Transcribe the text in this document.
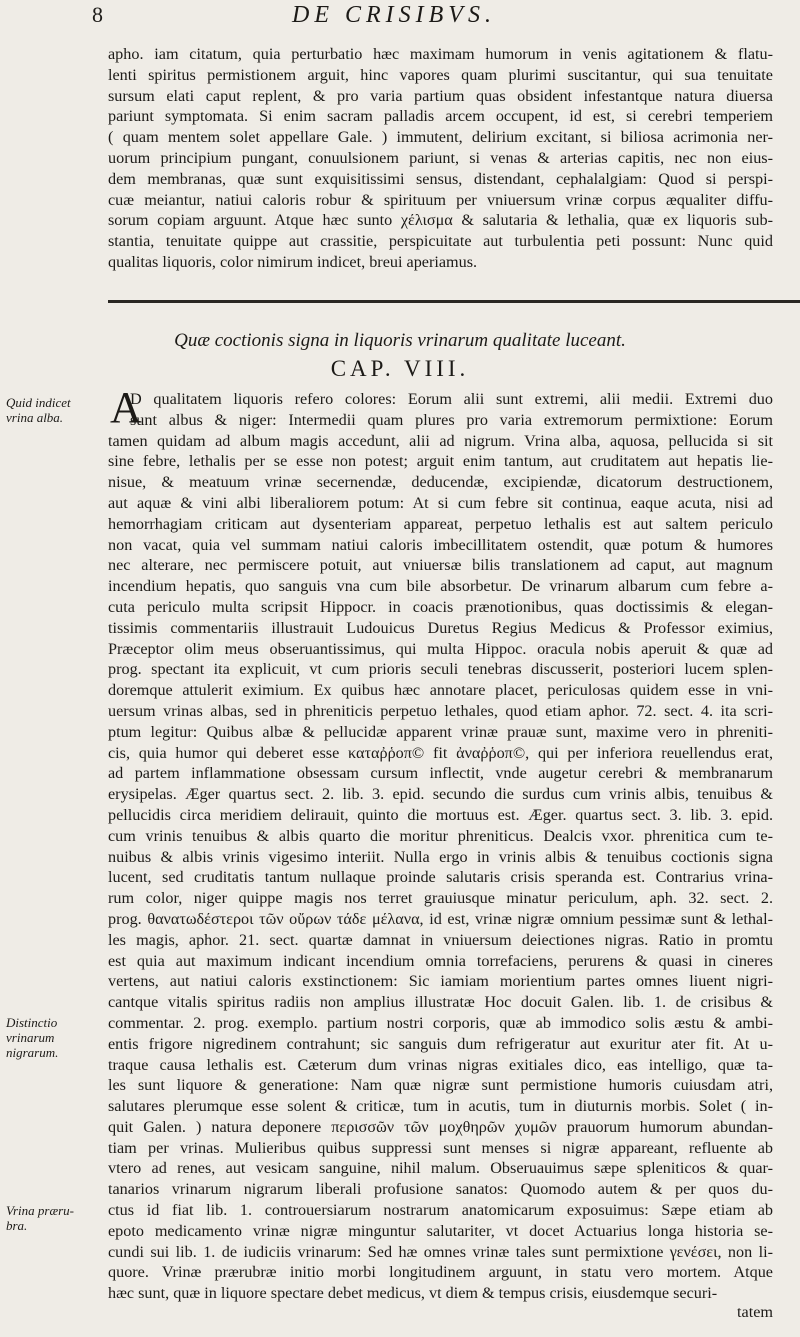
8	DE CRISIBVS.
apho. iam citatum, quia perturbatio hæc maximam humorum in venis agitationem & flatu-
lenti spiritus permistionem arguit, hinc vapores quam plurimi suscitantur, qui sua tenuitate
sursum elati caput replent, & pro varia partium quas obsident infestantque natura diuersa
pariunt symptomata. Si enim sacram palladis arcem occupent, id est, si cerebri temperiem
( quam mentem solet appellare Gale. ) immutent, delirium excitant, si biliosa acrimonia ner-
uorum principium pungant, conuulsionem pariunt, si venas & arterias capitis, nec non eius-
dem membranas, quæ sunt exquisitissimi sensus, distendant, cephalalgiam: Quod si perspi-
cuæ meiantur, natiui caloris robur & spirituum per vniuersum vrinæ corpus æqualiter diffu-
sorum copiam arguunt. Atque hæc sunto χέλισμα & salutaria & lethalia, quæ ex liquoris sub-
stantia, tenuitate quippe aut crassitie, perspicuitate aut turbulentia peti possunt: Nunc quid
qualitas liquoris, color nimirum indicet, breui aperiamus.
Quæ coctionis signa in liquoris vrinarum qualitate luceant.
CAP. VIII.
A
D qualitatem liquoris refero colores: Eorum alii sunt extremi, alii medii. Extremi duo
sunt albus & niger: Intermedii quam plures pro varia extremorum permixtione: Eorum
tamen quidam ad album magis accedunt, alii ad nigrum. Vrina alba, aquosa, pellucida si sit
sine febre, lethalis per se esse non potest; arguit enim tantum, aut cruditatem aut hepatis lie-
nisue, & meatuum vrinæ secernendæ, deducendæ, excipiendæ, dicatorum destructionem,
aut aquæ & vini albi liberaliorem potum: At si cum febre sit continua, eaque acuta, nisi ad
hemorrhagiam criticam aut dysenteriam appareat, perpetuo lethalis est aut saltem periculo
non vacat, quia vel summam natiui caloris imbecillitatem ostendit, quæ potum & humores
nec alterare, nec permiscere potuit, aut vniuersæ bilis translationem ad caput, aut magnum
incendium hepatis, quo sanguis vna cum bile absorbetur. De vrinarum albarum cum febre a-
cuta periculo multa scripsit Hippocr. in coacis prænotionibus, quas doctissimis & elegan-
tissimis commentariis illustrauit Ludouicus Duretus Regius Medicus & Professor eximius,
Præceptor olim meus obseruantissimus, qui multa Hippoc. oracula nobis aperuit & quæ ad
prog. spectant ita explicuit, vt cum prioris seculi tenebras discusserit, posteriori lucem splen-
doremque attulerit eximium. Ex quibus hæc annotare placet, periculosas quidem esse in vni-
uersum vrinas albas, sed in phreniticis perpetuo lethales, quod etiam aphor. 72. sect. 4. ita scri-
ptum legitur: Quibus albæ & pellucidæ apparent vrinæ prauæ sunt, maxime vero in phreniti-
cis, quia humor qui deberet esse καταῤῥοπ© fit ἀναῤῥοπ©, qui per inferiora reuellendus erat,
ad partem inflammatione obsessam cursum inflectit, vnde augetur cerebri & membranarum
erysipelas. Æger quartus sect. 2. lib. 3. epid. secundo die surdus cum vrinis albis, tenuibus &
pellucidis circa meridiem delirauit, quinto die mortuus est. Æger. quartus sect. 3. lib. 3. epid.
cum vrinis tenuibus & albis quarto die moritur phreniticus. Dealcis vxor. phrenitica cum te-
nuibus & albis vrinis vigesimo interiit. Nulla ergo in vrinis albis & tenuibus coctionis signa
lucent, sed cruditatis tantum nullaque proinde salutaris crisis speranda est. Contrarius vrina-
rum color, niger quippe magis nos terret grauiusque minatur periculum, aph. 32. sect. 2.
prog. θανατωδέστεροι τῶν οὔρων τάδε μέλανα, id est, vrinæ nigræ omnium pessimæ sunt & lethal-
les magis, aphor. 21. sect. quartæ damnat in vniuersum deiectiones nigras. Ratio in promtu
est quia aut maximum indicant incendium omnia torrefaciens, perurens & quasi in cineres
vertens, aut natiui caloris exstinctionem: Sic iamiam morientium partes omnes liuent nigri-
cantque vitalis spiritus radiis non amplius illustratæ Hoc docuit Galen. lib. 1. de crisibus &
commentar. 2. prog. exemplo. partium nostri corporis, quæ ab immodico solis æstu & ambi-
entis frigore nigredinem contrahunt; sic sanguis dum refrigeratur aut exuritur ater fit. At u-
traque causa lethalis est. Cæterum dum vrinas nigras exitiales dico, eas intelligo, quæ ta-
les sunt liquore & generatione: Nam quæ nigræ sunt permistione humoris cuiusdam atri,
salutares plerumque esse solent & criticæ, tum in acutis, tum in diuturnis morbis. Solet ( in-
quit Galen. ) natura deponere περισσῶν τῶν μοχθηρῶν χυμῶν prauorum humorum abundan-
tiam per vrinas. Mulieribus quibus suppressi sunt menses si nigræ appareant, refluente ab
vtero ad renes, aut vesicam sanguine, nihil malum. Obseruauimus sæpe spleniticos & quar-
tanarios vrinarum nigrarum liberali profusione sanatos: Quomodo autem & per quos du-
ctus id fiat lib. 1. controuersiarum nostrarum anatomicarum exposuimus: Sæpe etiam ab
epoto medicamento vrinæ nigræ minguntur salutariter, vt docet Actuarius longa historia se-
cundi sui lib. 1. de iudiciis vrinarum: Sed hæ omnes vrinæ tales sunt permixtione γενέσει, non li-
quore. Vrinæ prærubræ initio morbi longitudinem arguunt, in statu vero mortem. Atque
hæc sunt, quæ in liquore spectare debet medicus, vt diem & tempus crisis, eiusdemque securi-
Quid indicet
vrina alba.
Distinctio
vrinarum
nigrarum.
Vrina præru-
bra.
tatem
